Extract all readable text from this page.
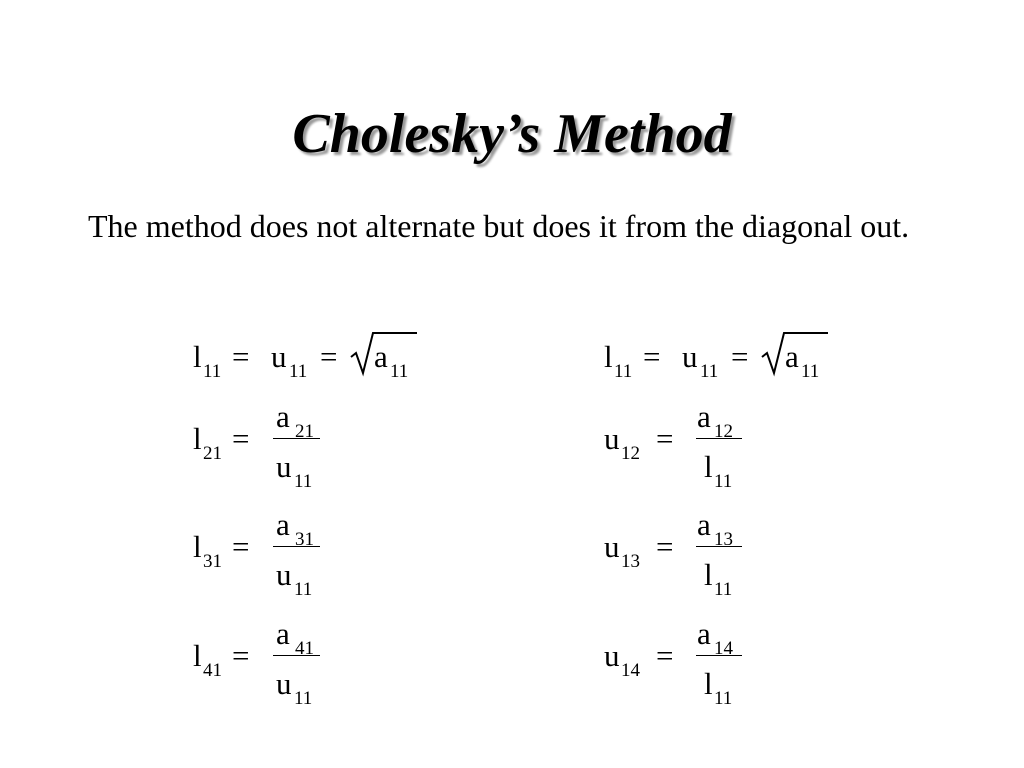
Cholesky’s Method
The method does not alternate but does it from the diagonal out.
l 11 = u 11 = a 11
l 21 =
a 21
u 11
l 31 =
a 31
u 11
l 41 =
a 41
u 11
l 11 = u 11 = a 11
u 12 =
a 12
l 11
u 13 =
a 13
l 11
u 14 =
a 14
l 11
